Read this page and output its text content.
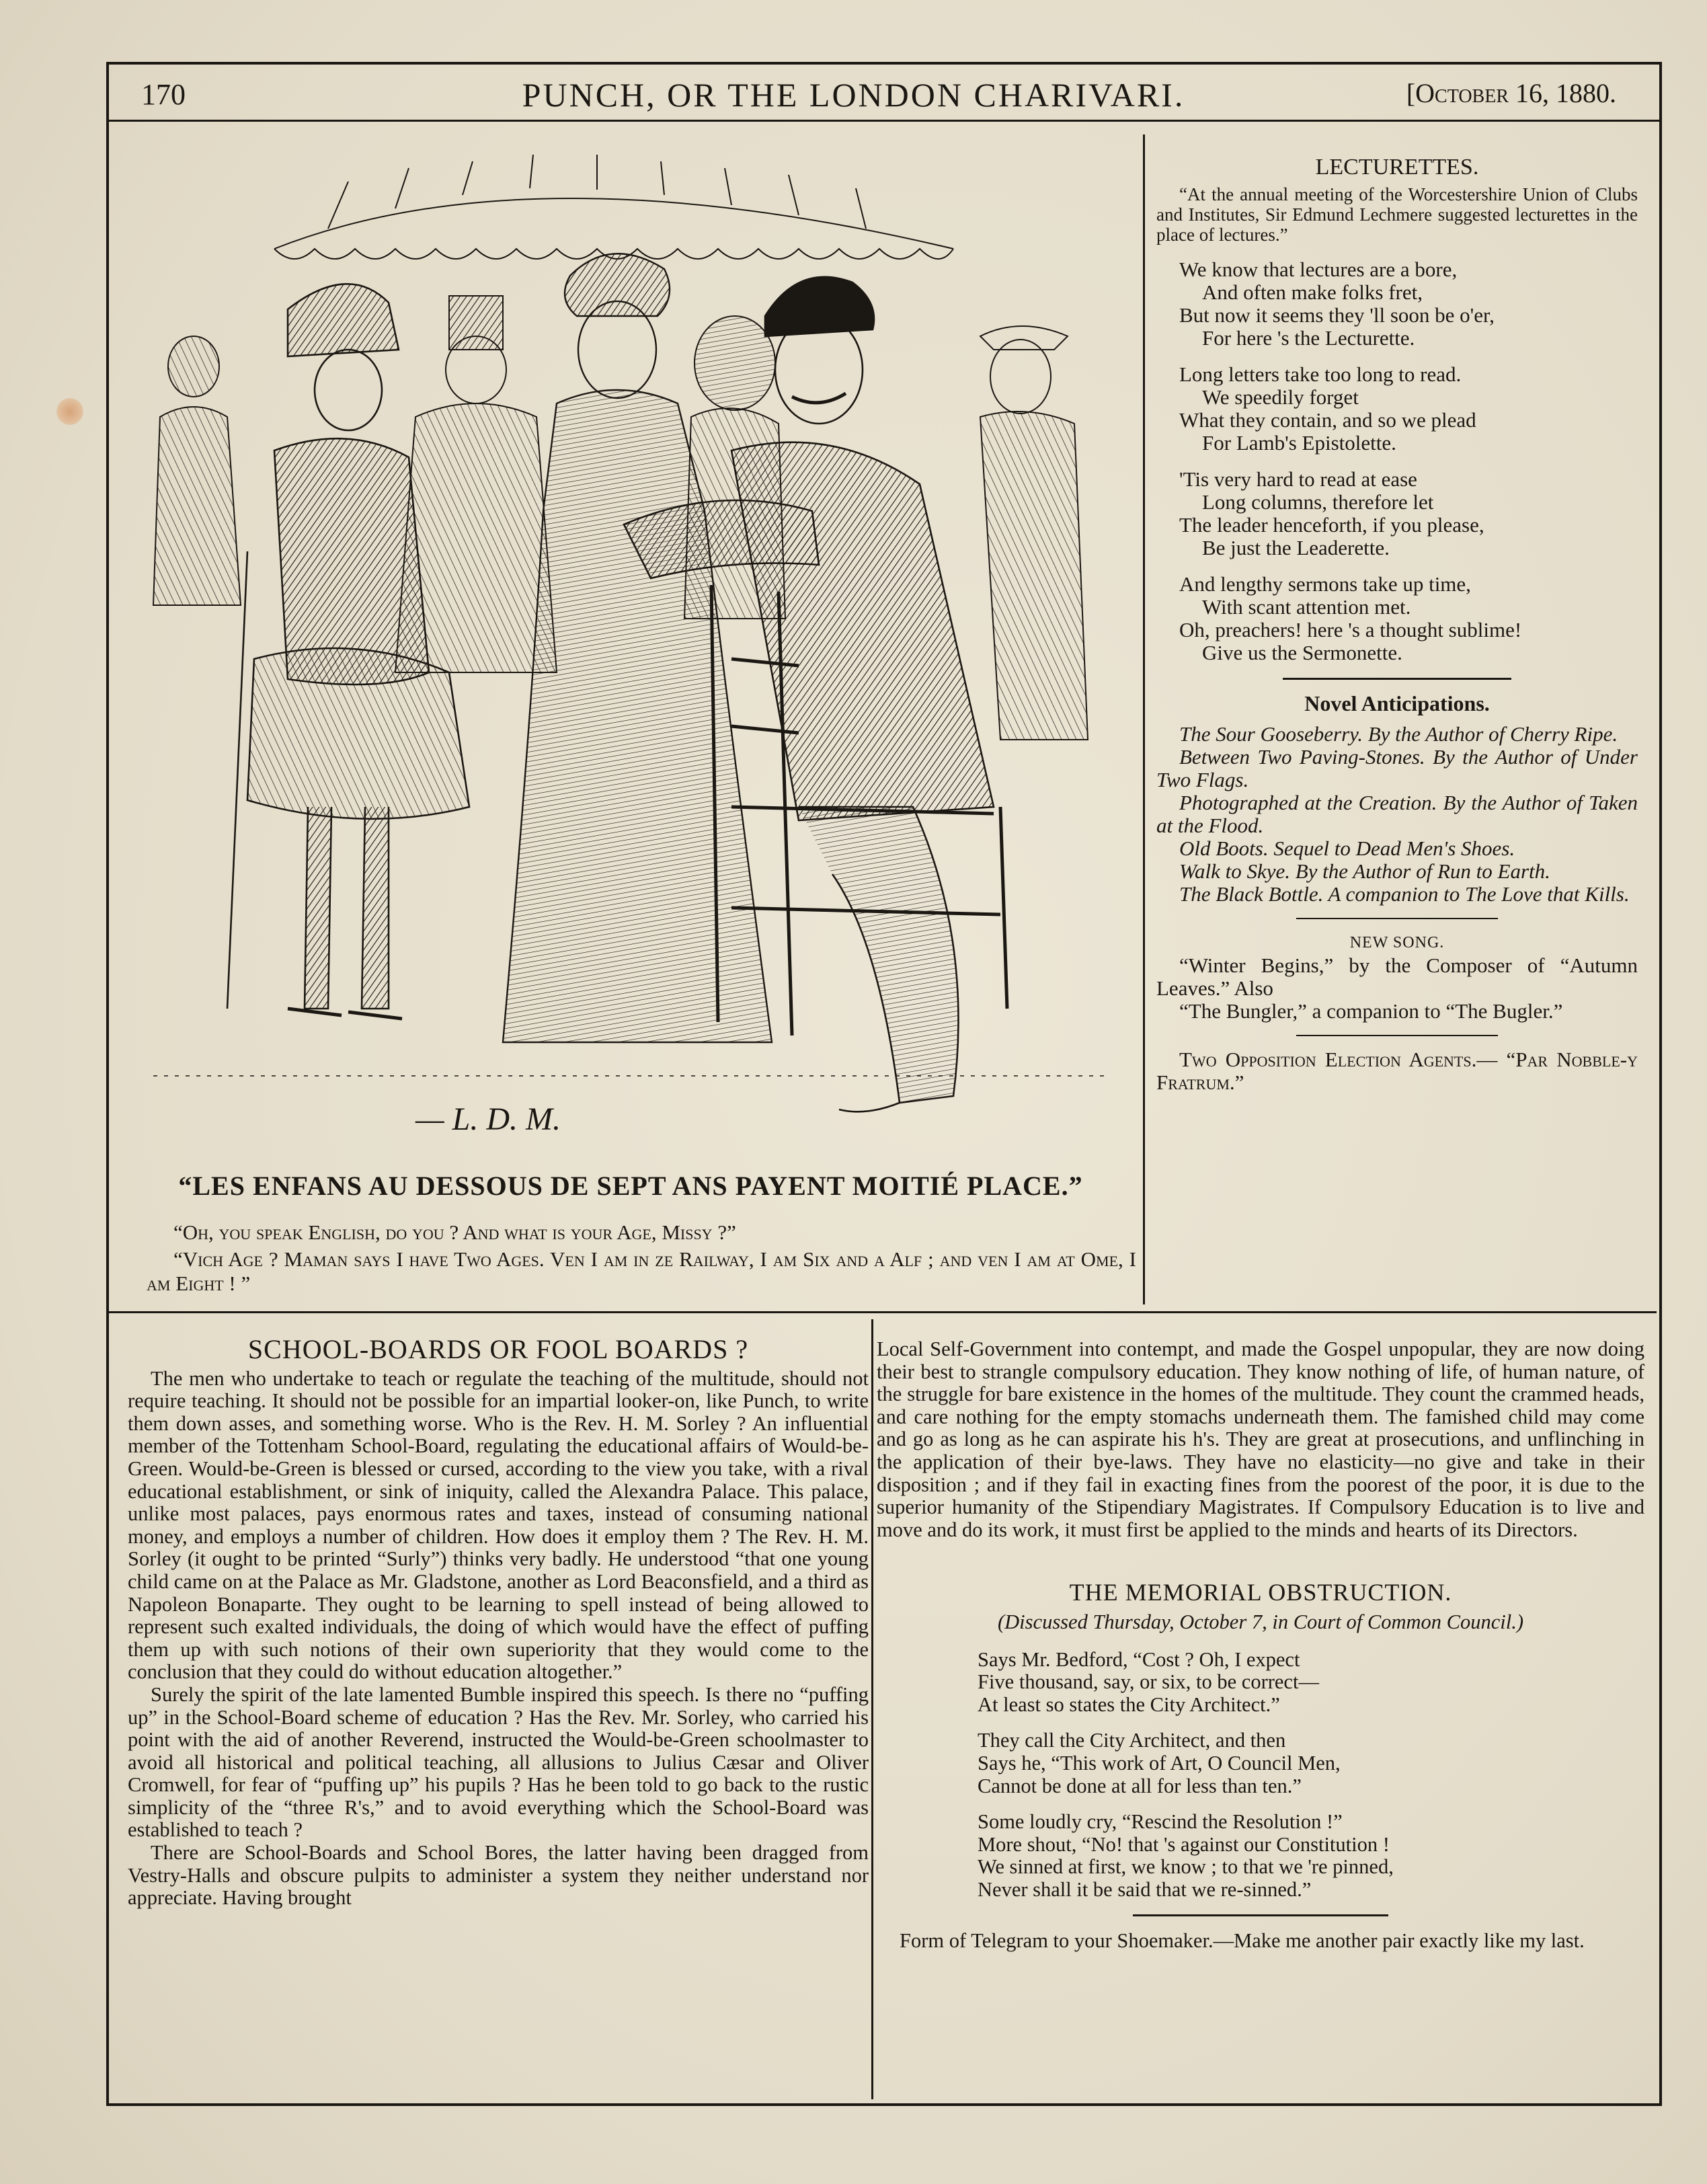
170	PUNCH, OR THE LONDON CHARIVARI.	[October 16, 1880.
— L. D. M.
“LES ENFANS AU DESSOUS DE SEPT ANS PAYENT MOITIÉ PLACE.”
“Oh, you speak English, do you ? And what is your Age, Missy ?”
“Vich Age ? Maman says I have Two Ages. Ven I am in ze Railway, I am Six and a Alf ; and ven I am at Ome, I am Eight ! ”
LECTURETTES.
“At the annual meeting of the Worcestershire Union of Clubs and Institutes, Sir Edmund Lechmere suggested lecturettes in the place of lectures.”
We know that lectures are a bore,
And often make folks fret,
But now it seems they 'll soon be o'er,
For here 's the Lecturette.
Long letters take too long to read.
We speedily forget
What they contain, and so we plead
For Lamb's Epistolette.
'Tis very hard to read at ease
Long columns, therefore let
The leader henceforth, if you please,
Be just the Leaderette.
And lengthy sermons take up time,
With scant attention met.
Oh, preachers! here 's a thought sublime!
Give us the Sermonette.
Novel Anticipations.
The Sour Gooseberry. By the Author of Cherry Ripe.
Between Two Paving-Stones. By the Author of Under Two Flags.
Photographed at the Creation. By the Author of Taken at the Flood.
Old Boots. Sequel to Dead Men's Shoes.
Walk to Skye. By the Author of Run to Earth.
The Black Bottle. A companion to The Love that Kills.
NEW SONG.
“Winter Begins,” by the Composer of “Autumn Leaves.” Also
“The Bungler,” a companion to “The Bugler.”
Two Opposition Election Agents.— “Par Nobble-y Fratrum.”
SCHOOL-BOARDS OR FOOL BOARDS ?
The men who undertake to teach or regulate the teaching of the multitude, should not require teaching. It should not be possible for an impartial looker-on, like Punch, to write them down asses, and something worse. Who is the Rev. H. M. Sorley ? An influential member of the Tottenham School-Board, regulating the educational affairs of Would-be-Green. Would-be-Green is blessed or cursed, according to the view you take, with a rival educational establishment, or sink of iniquity, called the Alexandra Palace. This palace, unlike most palaces, pays enormous rates and taxes, instead of consuming national money, and employs a number of children. How does it employ them ? The Rev. H. M. Sorley (it ought to be printed “Surly”) thinks very badly. He understood “that one young child came on at the Palace as Mr. Gladstone, another as Lord Beaconsfield, and a third as Napoleon Bonaparte. They ought to be learning to spell instead of being allowed to represent such exalted individuals, the doing of which would have the effect of puffing them up with such notions of their own superiority that they would come to the conclusion that they could do without education altogether.”
Surely the spirit of the late lamented Bumble inspired this speech. Is there no “puffing up” in the School-Board scheme of education ? Has the Rev. Mr. Sorley, who carried his point with the aid of another Reverend, instructed the Would-be-Green schoolmaster to avoid all historical and political teaching, all allusions to Julius Cæsar and Oliver Cromwell, for fear of “puffing up” his pupils ? Has he been told to go back to the rustic simplicity of the “three R's,” and to avoid everything which the School-Board was established to teach ?
There are School-Boards and School Bores, the latter having been dragged from Vestry-Halls and obscure pulpits to administer a system they neither understand nor appreciate. Having brought
Local Self-Government into contempt, and made the Gospel unpopular, they are now doing their best to strangle compulsory education. They know nothing of life, of human nature, of the struggle for bare existence in the homes of the multitude. They count the crammed heads, and care nothing for the empty stomachs underneath them. The famished child may come and go as long as he can aspirate his h's. They are great at prosecutions, and unflinching in the application of their bye-laws. They have no elasticity—no give and take in their disposition ; and if they fail in exacting fines from the poorest of the poor, it is due to the superior humanity of the Stipendiary Magistrates. If Compulsory Education is to live and move and do its work, it must first be applied to the minds and hearts of its Directors.
THE MEMORIAL OBSTRUCTION.
(Discussed Thursday, October 7, in Court of Common Council.)
Says Mr. Bedford, “Cost ? Oh, I expect
Five thousand, say, or six, to be correct—
At least so states the City Architect.”
They call the City Architect, and then
Says he, “This work of Art, O Council Men,
Cannot be done at all for less than ten.”
Some loudly cry, “Rescind the Resolution !”
More shout, “No! that 's against our Constitution !
We sinned at first, we know ; to that we 're pinned,
Never shall it be said that we re-sinned.”
Form of Telegram to your Shoemaker.—Make me another pair exactly like my last.
